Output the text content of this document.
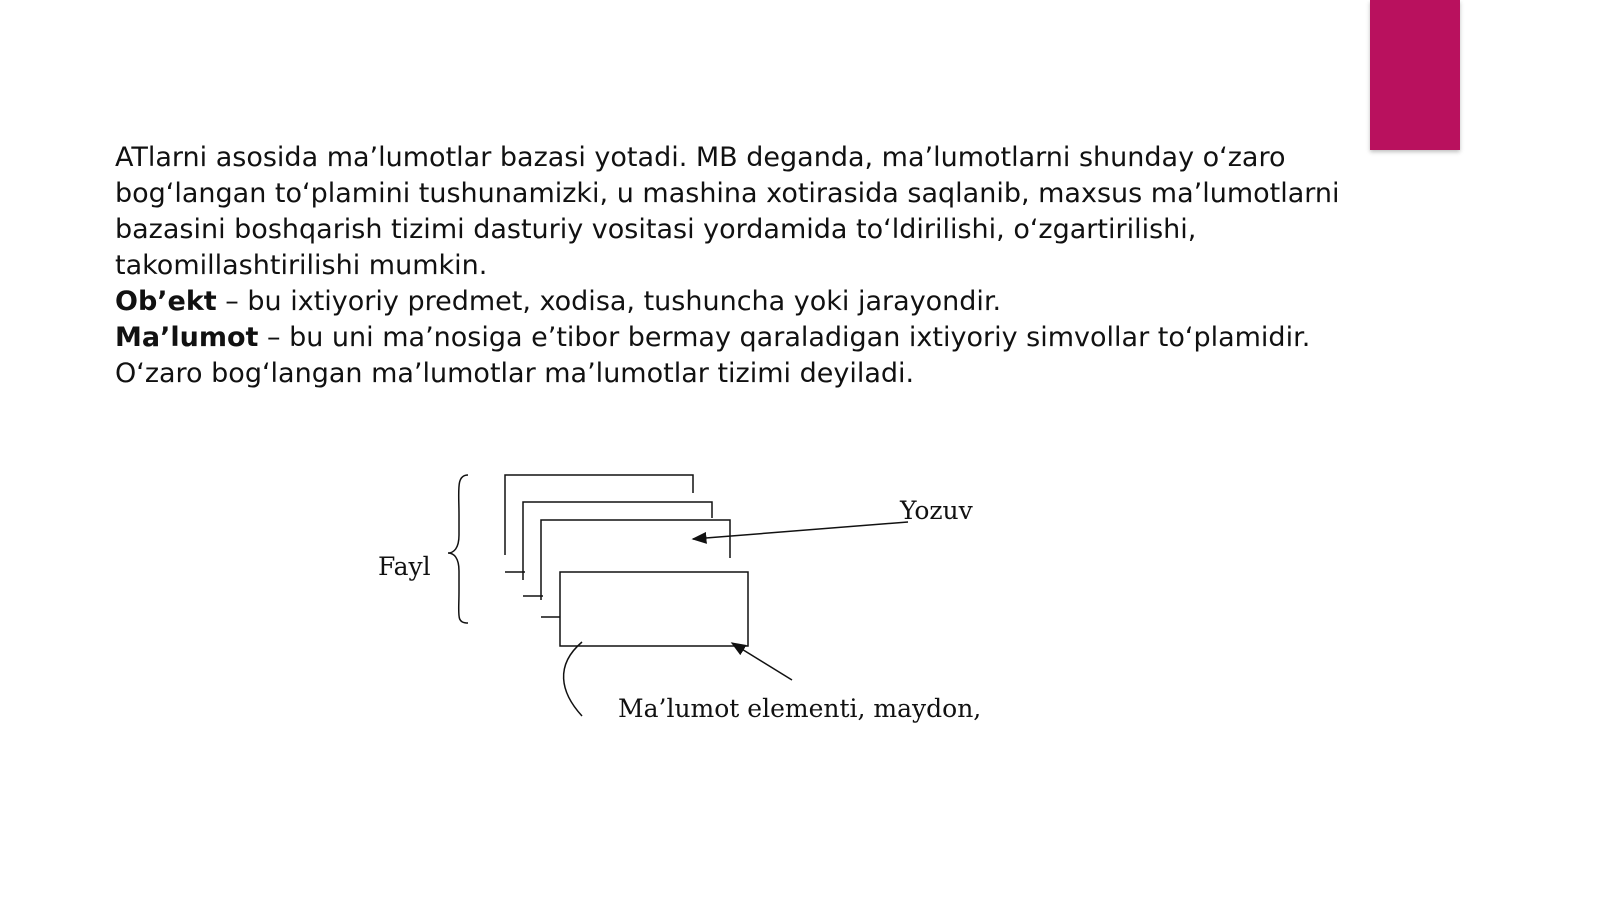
ATlarni asosida ma’lumotlar bazasi yotadi. MB deganda, ma’lumotlarni shunday o‘zaro bog‘langan to‘plamini tushunamizki, u mashina xotirasida saqlanib, maxsus ma’lumotlarni bazasini boshqarish tizimi dasturiy vositasi yordamida to‘ldirilishi, o‘zgartirilishi, takomillashtirilishi mumkin.

Ob’ekt – bu ixtiyoriy predmet, xodisa, tushuncha yoki jarayondir.

Ma’lumot – bu uni ma’nosiga e’tibor bermay qaraladigan ixtiyoriy simvollar to‘plamidir.

O‘zaro bog‘langan ma’lumotlar ma’lumotlar tizimi deyiladi.

Fayl
Yozuv
Ma’lumot elementi, maydon,
